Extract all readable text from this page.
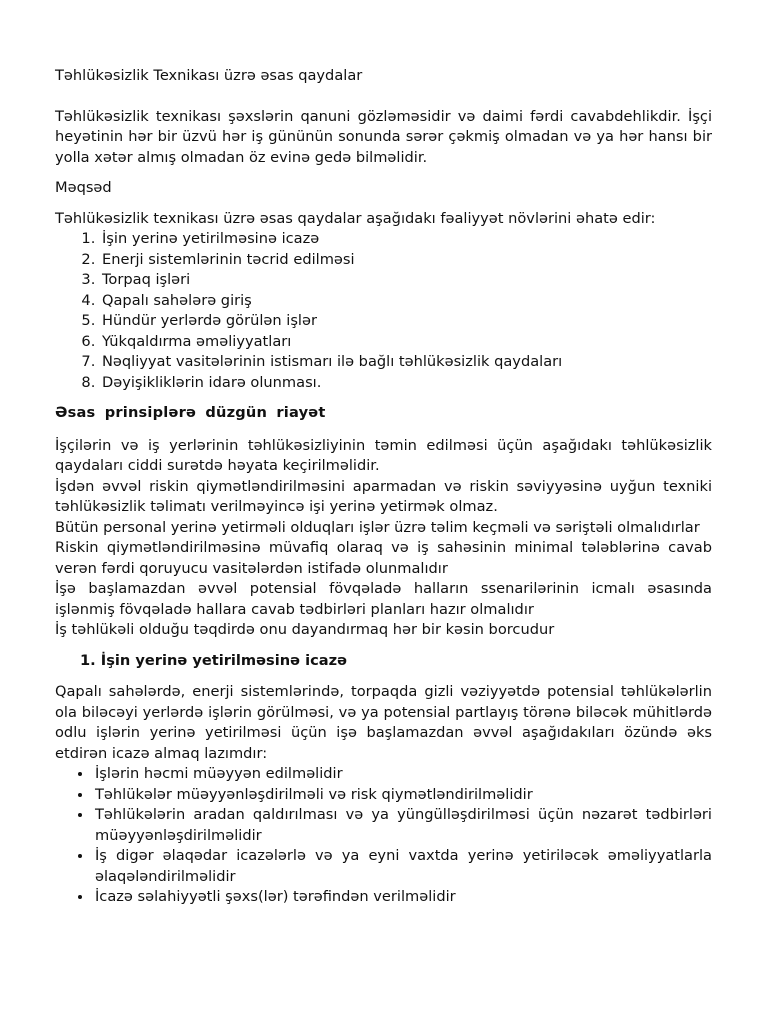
Təhlükəsizlik Texnikası üzrə əsas qaydalar

Təhlükəsizlik texnikası şəxslərin qanuni gözləməsidir və daimi fərdi cavabdehlikdir. İşçi heyətinin hər bir üzvü hər iş gününün sonunda sərər çəkmiş olmadan və ya hər hansı bir yolla xətər almış olmadan öz evinə gedə bilməlidir.

Məqsəd

Təhlükəsizlik texnikası üzrə əsas qaydalar aşağıdakı fəaliyyət növlərini əhatə edir:

1. İşin yerinə yetirilməsinə icazə
2. Enerji sistemlərinin təcrid edilməsi
3. Torpaq işləri
4. Qapalı sahələrə giriş
5. Hündür yerlərdə görülən işlər
6. Yükqaldırma əməliyyatları
7. Nəqliyyat vasitələrinin istismarı ilə bağlı təhlükəsizlik qaydaları
8. Dəyişikliklərin idarə olunması.

Əsas prinsiplərə düzgün riayət

İşçilərin və iş yerlərinin təhlükəsizliyinin təmin edilməsi üçün aşağıdakı təhlükəsizlik qaydaları ciddi surətdə həyata keçirilməlidir.

İşdən əvvəl riskin qiymətləndirilməsini aparmadan və riskin səviyyəsinə uyğun texniki təhlükəsizlik təlimatı verilməyincə işi yerinə yetirmək olmaz.

Bütün personal yerinə yetirməli olduqları işlər üzrə təlim keçməli və səriştəli olmalıdırlar

Riskin qiymətləndirilməsinə müvafiq olaraq və iş sahəsinin minimal tələblərinə cavab verən fərdi qoruyucu vasitələrdən istifadə olunmalıdır

İşə başlamazdan əvvəl potensial fövqəladə halların ssenarilərinin icmalı əsasında işlənmiş fövqəladə hallara cavab tədbirləri planları hazır olmalıdır

İş təhlükəli olduğu təqdirdə onu dayandırmaq hər bir kəsin borcudur

1. İşin yerinə yetirilməsinə icazə

Qapalı sahələrdə, enerji sistemlərində, torpaqda gizli vəziyyətdə potensial təhlükələrlin ola biləcəyi yerlərdə işlərin görülməsi, və ya potensial partlayış törənə biləcək mühitlərdə odlu işlərin yerinə yetirilməsi üçün işə başlamazdan əvvəl aşağıdakıları özündə əks etdirən icazə almaq lazımdır:

• İşlərin həcmi müəyyən edilməlidir
• Təhlükələr müəyyənləşdirilməli və risk qiymətləndirilməlidir
• Təhlükələrin aradan qaldırılması və ya yüngülləşdirilməsi üçün nəzarət tədbirləri müəyyənləşdirilməlidir
• İş digər əlaqədar icazələrlə və ya eyni vaxtda yerinə yetiriləcək əməliyyatlarla əlaqələndirilməlidir
• İcazə səlahiyyətli şəxs(lər) tərəfindən verilməlidir
